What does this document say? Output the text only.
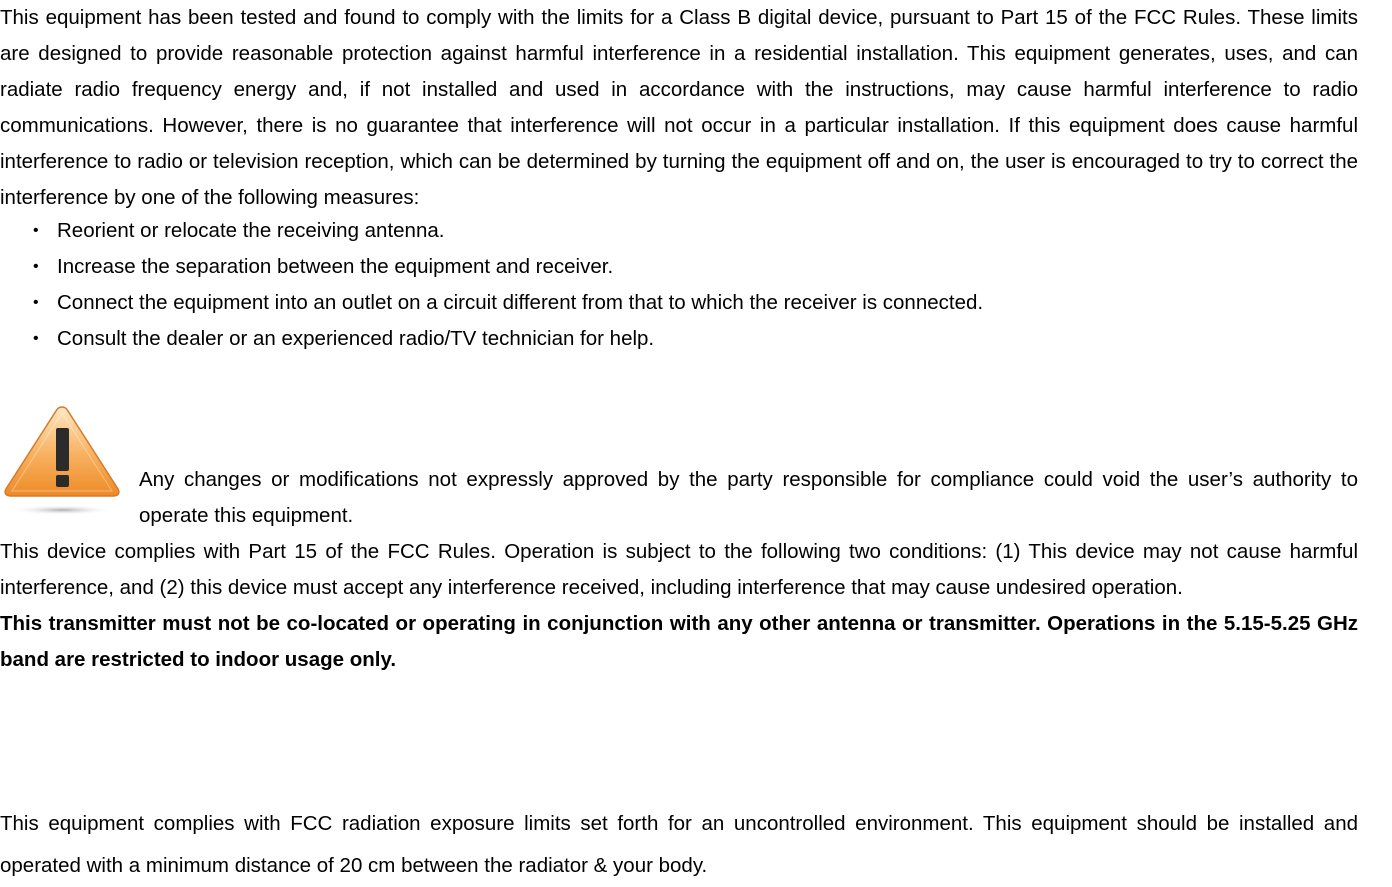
This equipment has been tested and found to comply with the limits for a Class B digital device, pursuant to Part 15 of the FCC Rules. These limits are designed to provide reasonable protection against harmful interference in a residential installation. This equipment generates, uses, and can radiate radio frequency energy and, if not installed and used in accordance with the instructions, may cause harmful interference to radio communications. However, there is no guarantee that interference will not occur in a particular installation. If this equipment does cause harmful interference to radio or television reception, which can be determined by turning the equipment off and on, the user is encouraged to try to correct the interference by one of the following measures:

• Reorient or relocate the receiving antenna.
• Increase the separation between the equipment and receiver.
• Connect the equipment into an outlet on a circuit different from that to which the receiver is connected.
• Consult the dealer or an experienced radio/TV technician for help.

Any changes or modifications not expressly approved by the party responsible for compliance could void the user’s authority to operate this equipment.

This device complies with Part 15 of the FCC Rules. Operation is subject to the following two conditions: (1) This device may not cause harmful interference, and (2) this device must accept any interference received, including interference that may cause undesired operation.

This transmitter must not be co-located or operating in conjunction with any other antenna or transmitter. Operations in the 5.15-5.25 GHz band are restricted to indoor usage only.

This equipment complies with FCC radiation exposure limits set forth for an uncontrolled environment. This equipment should be installed and operated with a minimum distance of 20 cm between the radiator & your body.
